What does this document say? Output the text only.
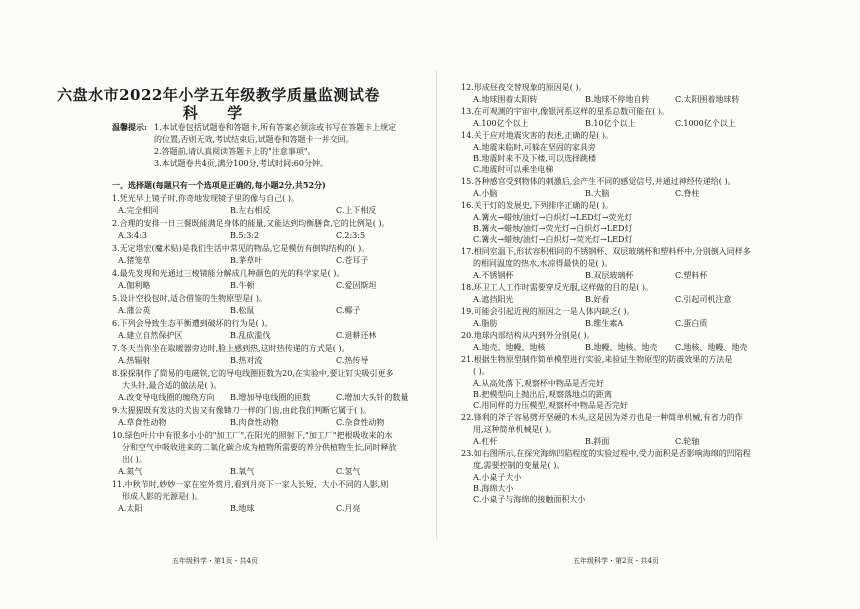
六盘水市2022年小学五年级教学质量监测试卷
科 学
温馨提示: 1.本试卷包括试题卷和答题卡,所有答案必须涂或书写在答题卡上规定
的位置,否则无效,考试结束后,试题卷和答题卡一并交回。
2.答题前,请认真阅读答题卡上的"注意事项"。
3.本试题卷共4页,满分100分,考试时间:60分钟。
一、选择题(每题只有一个选项是正确的,每小题2分,共52分)
1.凭光早上镜子时,你奇地发现镜子里的像与自己( )。
A.完全相同	B.左右相反	C.上下相反
2.合理的安排一日三餐既能满足身体的能量,又能达到均衡膳食,它的比例是( )。
A.3:4:3	B.5:3:2	C.2:3:5
3.无定塔宏(魔术贴)是我们生活中常见的物品,它是模仿有倒钩结构的( )。
A.猪笼草	B.茅草叶	C.苍耳子
4.最先发现和光通过三棱镜能分解成几种颜色的光的科学家是( )。
A.伽利略	B.牛顿	C.爱因斯坦
5.设计空投包时,适合借鉴的生物原型是( )。
A.蒲公英	B.松鼠	C.椰子
6.下列会导致生态平衡遭到破坏的行为是( )。
A.建立自然保护区	B.乱砍滥伐	C.退耕还林
7.冬天当你坐在取暖器旁边时,脸上感到热,这时热传递的方式是( )。
A.热辐射	B.热对流	C.热传导
8.探探制作了简易的电磁铁,它的导电线圈匝数为20,在实验中,要让钉尖吸引更多
大头针,最合适的做法是( )。
A.改变导电线圈的缠绕方向 B.增加导电线圈的匝数	C.增加大头针的数量
9.大猩猩既有发达的犬齿又有像锄刀一样的门齿,由此我们判断它属于( )。
A.草食性动物	B.肉食性动物	C.杂食性动物
10.绿色叶片中有很多小小的"加工厂",在阳光的照射下,"加工厂"把根吸收来的水
分和空气中吸收进来的二氧化碳合成为植物所需要的养分供植物生长,同时释放
出( )。
A.氮气	B.氧气	C.氢气
11.中秋节时,妙妙一家在室外赏月,看到月亮下一家人长短、大小不同的人影,则
形成人影的光源是( )。
A.太阳	B.地球	C.月亮
五年级科学・第1页・共4页
12.形成昼夜交替现象的原因是( )。
A.地球围着太阳转	B.地球不停地自转	C.太阳围着地球转
13.在可观测的宇宙中,像银河系这样的星系总数可能在( )。
A.100亿个以上	B.10亿个以上	C.1000亿个以上
14.关于应对地震灾害的表述,正确的是( )。
A.地震来临时,可躲在坚固的家具旁
B.地震时来不及下楼,可以选择跳楼
C.地震时可以乘坐电梯
15.各种感官受到物体的刺激后,会产生不同的感觉信号,并通过神经传递给( )。
A.小脑	B.大脑	C.脊柱
16.关于灯的发展史,下列排序正确的是( )。
A.篝火→蜡烛/油灯→白炽灯→LED灯→荧光灯
B.篝火→蜡烛/油灯→荧光灯→白炽灯→LED灯
C.篝火→蜡烛/油灯→白炽灯→荧光灯→LED灯
17.相同室温下,形状容积相同的不锈钢杯、双层玻璃杯和塑料杯中,分别倒入同样多
的相同温度的热水,水凉得最快的是( )。
A.不锈钢杯	B.双层玻璃杯	C.塑料杯
18.环卫工人工作时需要穿反光服,这样做的目的是( )。
A.遮挡阳光	B.好看	C.引起司机注意
19.可能会引起近视的原因之一是人体内缺乏( )。
A.脂肪	B.维生素A	C.蛋白质
20.地球内部结构从内到外分别是( )。
A.地壳、地幔、地核	B.地幔、地核、地壳 C.地核、地幔、地壳
21.根据生物原型制作简单模型进行实验,来验证生物原型的防震效果的方法是
( )。
A.从高处落下,观察杯中物品是否完好
B.把模型向上抛出后,观察落地点的距离
C.用同样的力压模型,观察杯中物品是否完好
22.锋利的斧子容易劈开坚硬的木头,这是因为斧刃也是一种简单机械,有省力的作
用,这种简单机械是( )。
A.杠杆	B.斜面	C.轮轴
23.如右图所示,在探究海绵凹陷程度的实验过程中,受力面积是否影响海绵的凹陷程
度,需要控制的变量是( )。
A.小桌子大小
B.海绵大小
C.小桌子与海绵的接触面积大小
五年级科学・第2页・共4页
